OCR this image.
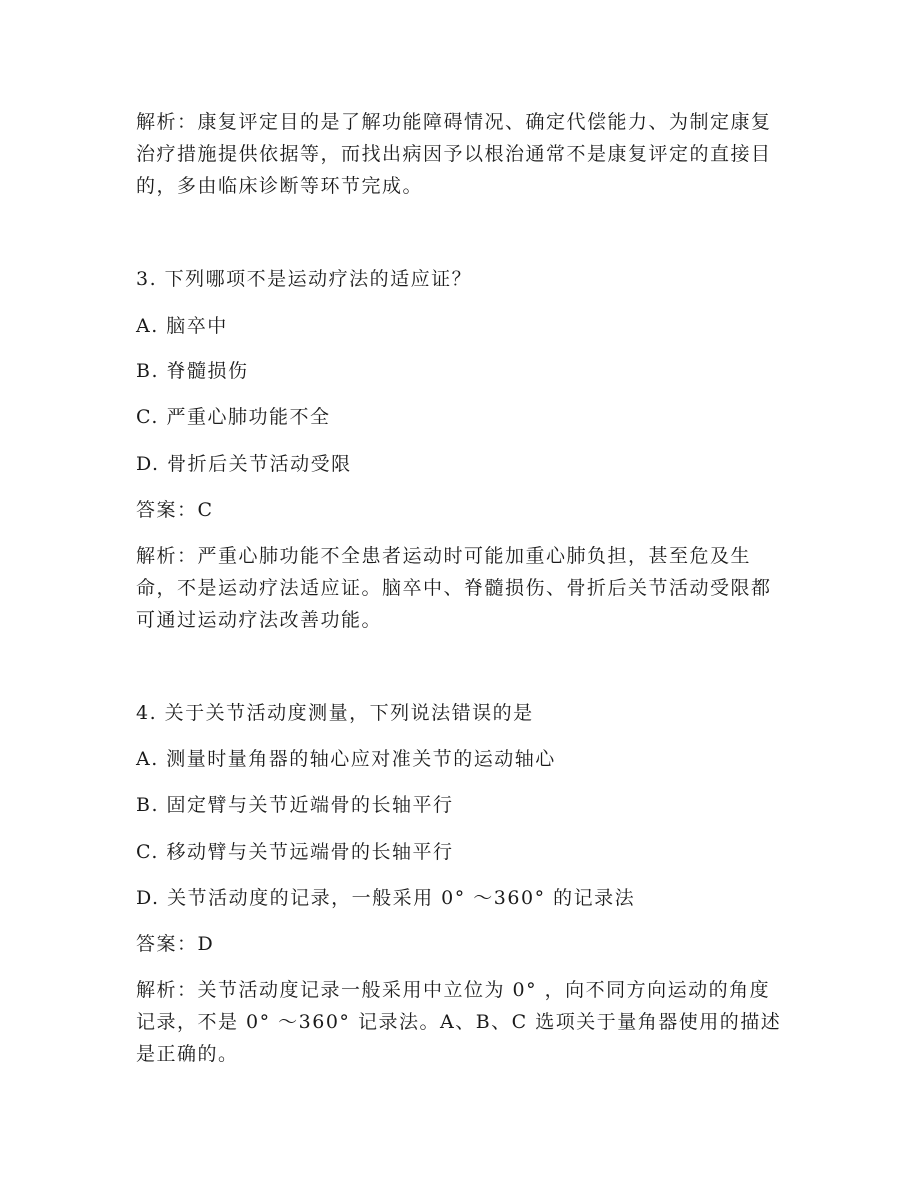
解析：康复评定目的是了解功能障碍情况、确定代偿能力、为制定康复治疗措施提供依据等，而找出病因予以根治通常不是康复评定的直接目的，多由临床诊断等环节完成。

3. 下列哪项不是运动疗法的适应证？

A. 脑卒中

B. 脊髓损伤

C. 严重心肺功能不全

D. 骨折后关节活动受限

答案：C

解析：严重心肺功能不全患者运动时可能加重心肺负担，甚至危及生命，不是运动疗法适应证。脑卒中、脊髓损伤、骨折后关节活动受限都可通过运动疗法改善功能。

4. 关于关节活动度测量，下列说法错误的是

A. 测量时量角器的轴心应对准关节的运动轴心

B. 固定臂与关节近端骨的长轴平行

C. 移动臂与关节远端骨的长轴平行

D. 关节活动度的记录，一般采用 0° ～360° 的记录法

答案：D

解析：关节活动度记录一般采用中立位为 0° ，向不同方向运动的角度记录，不是 0° ～360° 记录法。A、B、C 选项关于量角器使用的描述是正确的。
